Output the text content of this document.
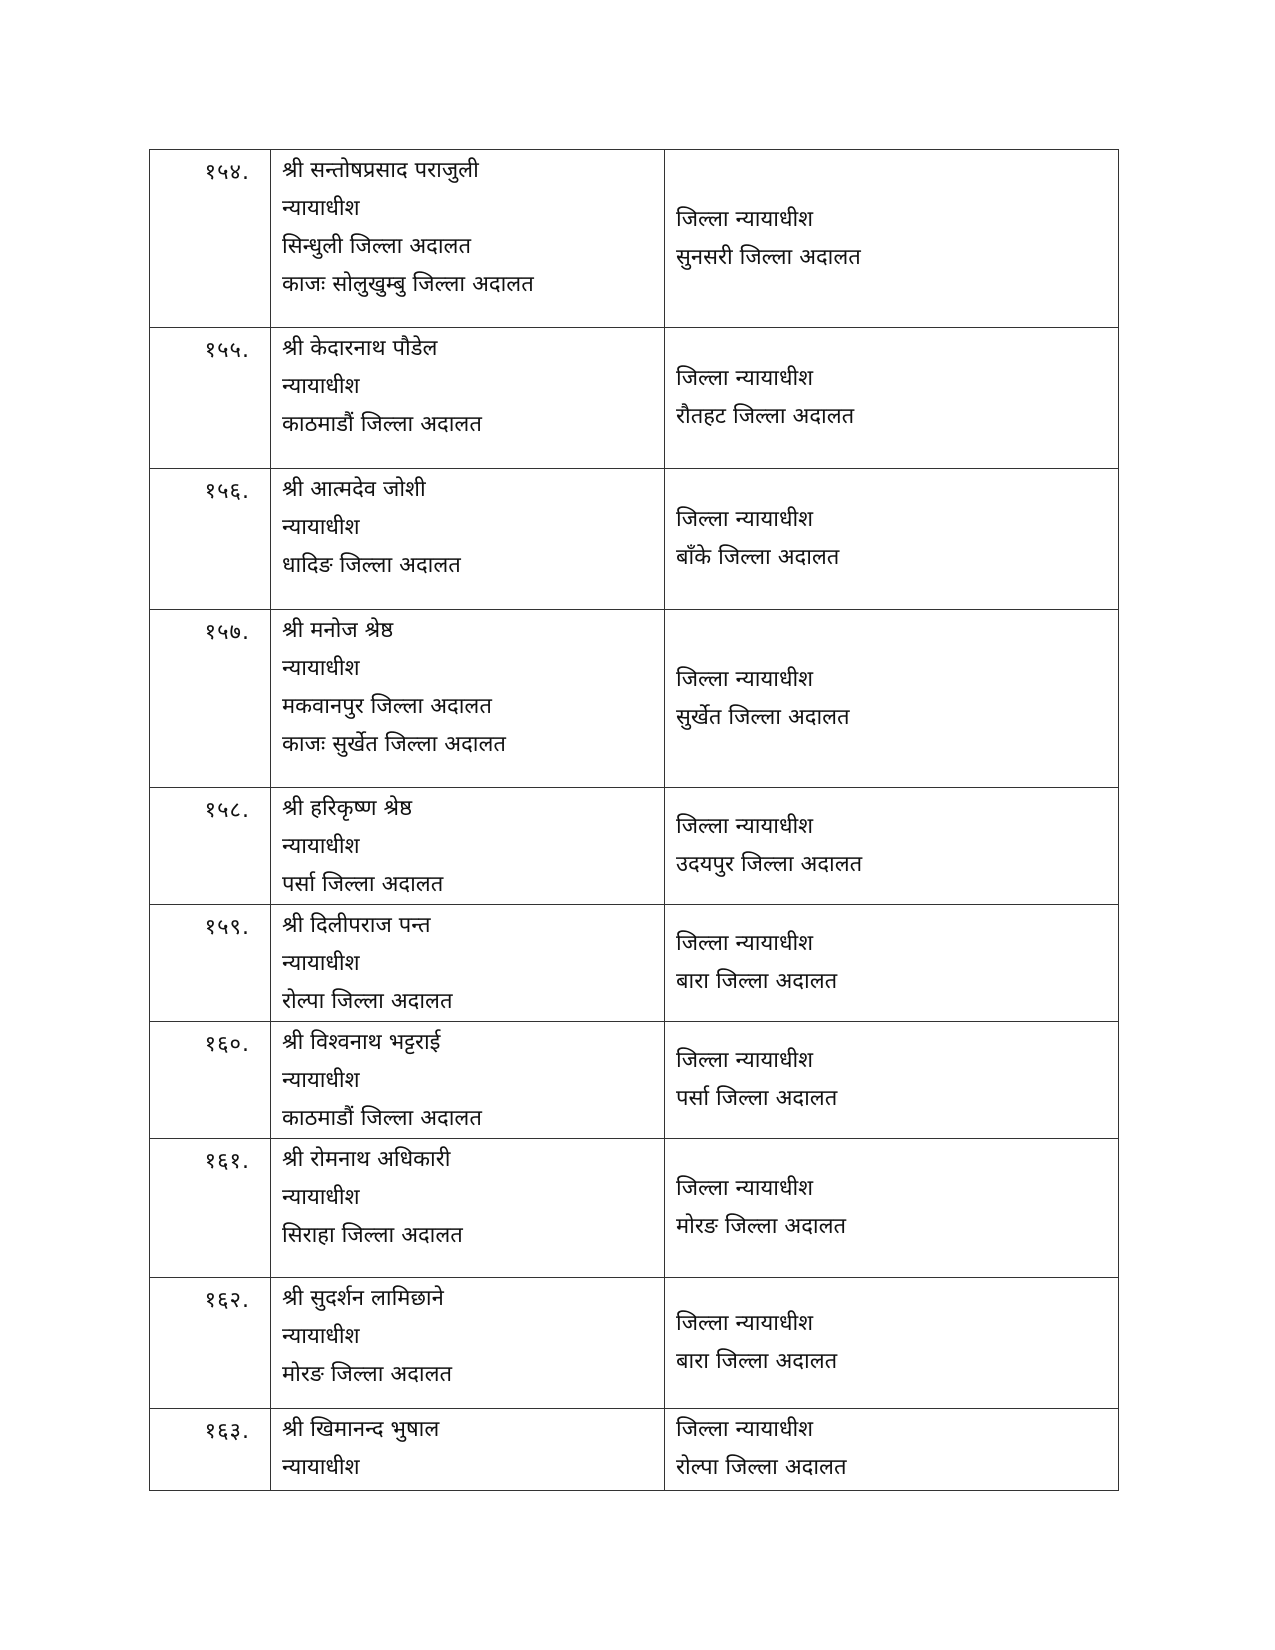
१५४.	श्री सन्तोषप्रसाद पराजुली
न्यायाधीश
सिन्धुली जिल्ला अदालत
काजः सोलुखुम्बु जिल्ला अदालत	जिल्ला न्यायाधीश
सुनसरी जिल्ला अदालत

१५५.	श्री केदारनाथ पौडेल
न्यायाधीश
काठमाडौं जिल्ला अदालत	जिल्ला न्यायाधीश
रौतहट जिल्ला अदालत

१५६.	श्री आत्मदेव जोशी
न्यायाधीश
धादिङ जिल्ला अदालत	जिल्ला न्यायाधीश
बाँके जिल्ला अदालत

१५७.	श्री मनोज श्रेष्ठ
न्यायाधीश
मकवानपुर जिल्ला अदालत
काजः सुर्खेत जिल्ला अदालत	जिल्ला न्यायाधीश
सुर्खेत जिल्ला अदालत

१५८.	श्री हरिकृष्ण श्रेष्ठ
न्यायाधीश
पर्सा जिल्ला अदालत	जिल्ला न्यायाधीश
उदयपुर जिल्ला अदालत

१५९.	श्री दिलीपराज पन्त
न्यायाधीश
रोल्पा जिल्ला अदालत	जिल्ला न्यायाधीश
बारा जिल्ला अदालत

१६०.	श्री विश्वनाथ भट्टराई
न्यायाधीश
काठमाडौं जिल्ला अदालत	जिल्ला न्यायाधीश
पर्सा जिल्ला अदालत

१६१.	श्री रोमनाथ अधिकारी
न्यायाधीश
सिराहा जिल्ला अदालत	जिल्ला न्यायाधीश
मोरङ जिल्ला अदालत

१६२.	श्री सुदर्शन लामिछाने
न्यायाधीश
मोरङ जिल्ला अदालत	जिल्ला न्यायाधीश
बारा जिल्ला अदालत

१६३.	श्री खिमानन्द भुषाल
न्यायाधीश	जिल्ला न्यायाधीश
रोल्पा जिल्ला अदालत
